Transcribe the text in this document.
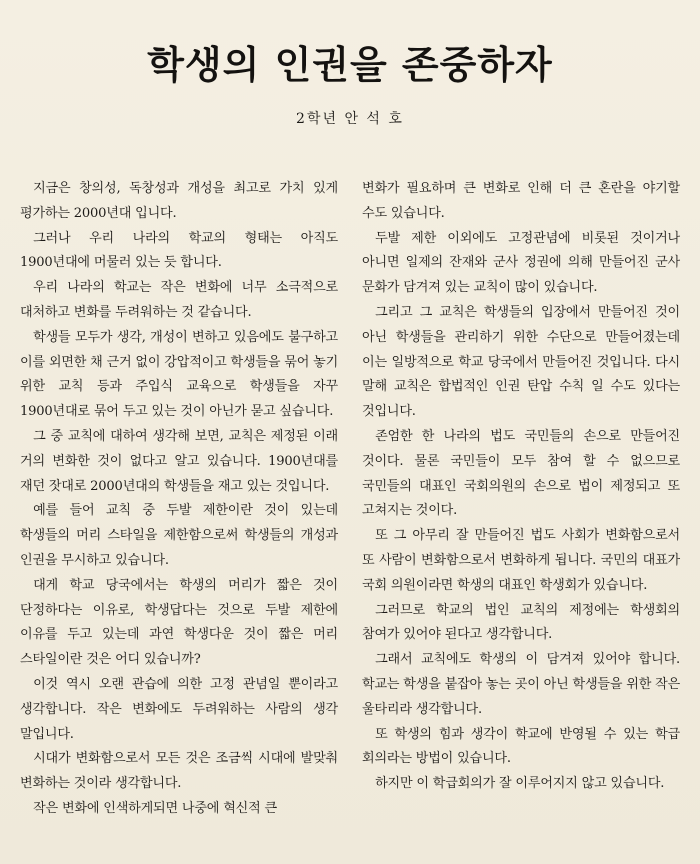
학생의 인권을 존중하자
2학년 안 석 호

지금은 창의성, 독창성과 개성을 최고로 가치 있게 평가하는 2000년대 입니다.

그러나 우리 나라의 학교의 형태는 아직도 1900년대에 머물러 있는 듯 합니다.

우리 나라의 학교는 작은 변화에 너무 소극적으로 대처하고 변화를 두려워하는 것 같습니다.

학생들 모두가 생각, 개성이 변하고 있음에도 불구하고 이를 외면한 채 근거 없이 강압적이고 학생들을 묶어 놓기 위한 교칙 등과 주입식 교육으로 학생들을 자꾸 1900년대로 묶어 두고 있는 것이 아닌가 묻고 싶습니다.

그 중 교칙에 대하여 생각해 보면, 교칙은 제정된 이래 거의 변화한 것이 없다고 알고 있습니다. 1900년대를 재던 잣대로 2000년대의 학생들을 재고 있는 것입니다.

예를 들어 교칙 중 두발 제한이란 것이 있는데 학생들의 머리 스타일을 제한함으로써 학생들의 개성과 인권을 무시하고 있습니다.

대게 학교 당국에서는 학생의 머리가 짧은 것이 단정하다는 이유로, 학생답다는 것으로 두발 제한에 이유를 두고 있는데 과연 학생다운 것이 짧은 머리 스타일이란 것은 어디 있습니까?

이것 역시 오랜 관습에 의한 고정 관념일 뿐이라고 생각합니다. 작은 변화에도 두려워하는 사람의 생각 말입니다.

시대가 변화함으로서 모든 것은 조금씩 시대에 발맞춰 변화하는 것이라 생각합니다.

작은 변화에 인색하게되면 나중에 혁신적 큰

변화가 필요하며 큰 변화로 인해 더 큰 혼란을 야기할 수도 있습니다.

두발 제한 이외에도 고정관념에 비롯된 것이거나 아니면 일제의 잔재와 군사 정권에 의해 만들어진 군사 문화가 담겨져 있는 교칙이 많이 있습니다.

그리고 그 교칙은 학생들의 입장에서 만들어진 것이 아닌 학생들을 관리하기 위한 수단으로 만들어졌는데 이는 일방적으로 학교 당국에서 만들어진 것입니다. 다시 말해 교칙은 합법적인 인권 탄압 수칙 일 수도 있다는 것입니다.

존엄한 한 나라의 법도 국민들의 손으로 만들어진 것이다. 물론 국민들이 모두 참여 할 수 없으므로 국민들의 대표인 국회의원의 손으로 법이 제정되고 또 고쳐지는 것이다.

또 그 아무리 잘 만들어진 법도 사회가 변화함으로서 또 사람이 변화함으로서 변화하게 됩니다. 국민의 대표가 국회 의원이라면 학생의 대표인 학생회가 있습니다.

그러므로 학교의 법인 교칙의 제정에는 학생회의 참여가 있어야 된다고 생각합니다.

그래서 교칙에도 학생의 이 담겨져 있어야 합니다. 학교는 학생을 붙잡아 놓는 곳이 아닌 학생들을 위한 작은 울타리라 생각합니다.

또 학생의 힘과 생각이 학교에 반영될 수 있는 학급 회의라는 방법이 있습니다.

하지만 이 학급회의가 잘 이루어지지 않고 있습니다.
